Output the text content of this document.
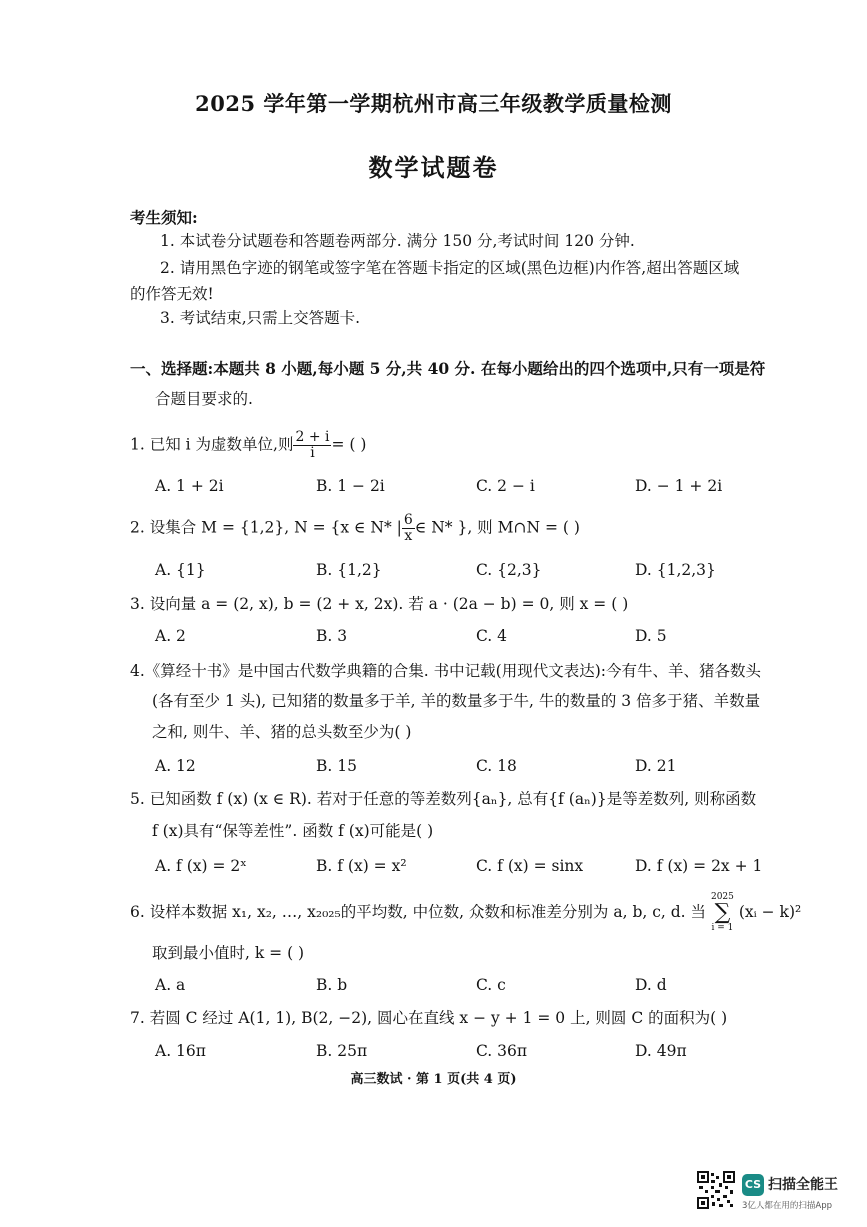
2025 学年第一学期杭州市高三年级教学质量检测
数学试题卷
考生须知:
1. 本试卷分试题卷和答题卷两部分. 满分 150 分,考试时间 120 分钟.
2. 请用黑色字迹的钢笔或签字笔在答题卡指定的区域(黑色边框)内作答,超出答题区域
的作答无效!
3. 考试结束,只需上交答题卡.
一、选择题:本题共 8 小题,每小题 5 分,共 40 分. 在每小题给出的四个选项中,只有一项是符
合题目要求的.
1. 已知 i 为虚数单位,则 $\frac{2 + i}{i}$ = ( )
A. 1 + 2i	B. 1 − 2i	C. 2 − i	D. − 1 + 2i
2. 设集合 M = {1,2}, N = {x ∈ N* | $\frac{6}{x}$ ∈ N* }, 则 M∩N = ( )
A. {1}	B. {1,2}	C. {2,3}	D. {1,2,3}
3. 设向量 a = (2, x), b = (2 + x, 2x). 若 a · (2a − b) = 0, 则 x = ( )
A. 2	B. 3	C. 4	D. 5
4.《算经十书》是中国古代数学典籍的合集. 书中记载(用现代文表达):今有牛、羊、猪各数头
(各有至少 1 头), 已知猪的数量多于羊, 羊的数量多于牛, 牛的数量的 3 倍多于猪、羊数量
之和, 则牛、羊、猪的总头数至少为( )
A. 12	B. 15	C. 18	D. 21
5. 已知函数 f (x) (x ∈ R). 若对于任意的等差数列{aₙ}, 总有{f (aₙ)}是等差数列, 则称函数
f (x)具有“保等差性”. 函数 f (x)可能是( )
A. f (x) = 2ˣ	B. f (x) = x²	C. f (x) = sinx	D. f (x) = 2x + 1
6. 设样本数据 x₁, x₂, …, x₂₀₂₅的平均数, 中位数, 众数和标准差分别为 a, b, c, d. 当
2025
∑
i = 1
(xᵢ − k)²
取到最小值时, k = ( )
A. a	B. b	C. c	D. d
7. 若圆 C 经过 A(1, 1), B(2, −2), 圆心在直线 x − y + 1 = 0 上, 则圆 C 的面积为( )
A. 16π	B. 25π	C. 36π	D. 49π
高三数试 · 第 1 页(共 4 页)
CS 扫描全能王
3亿人都在用的扫描App
